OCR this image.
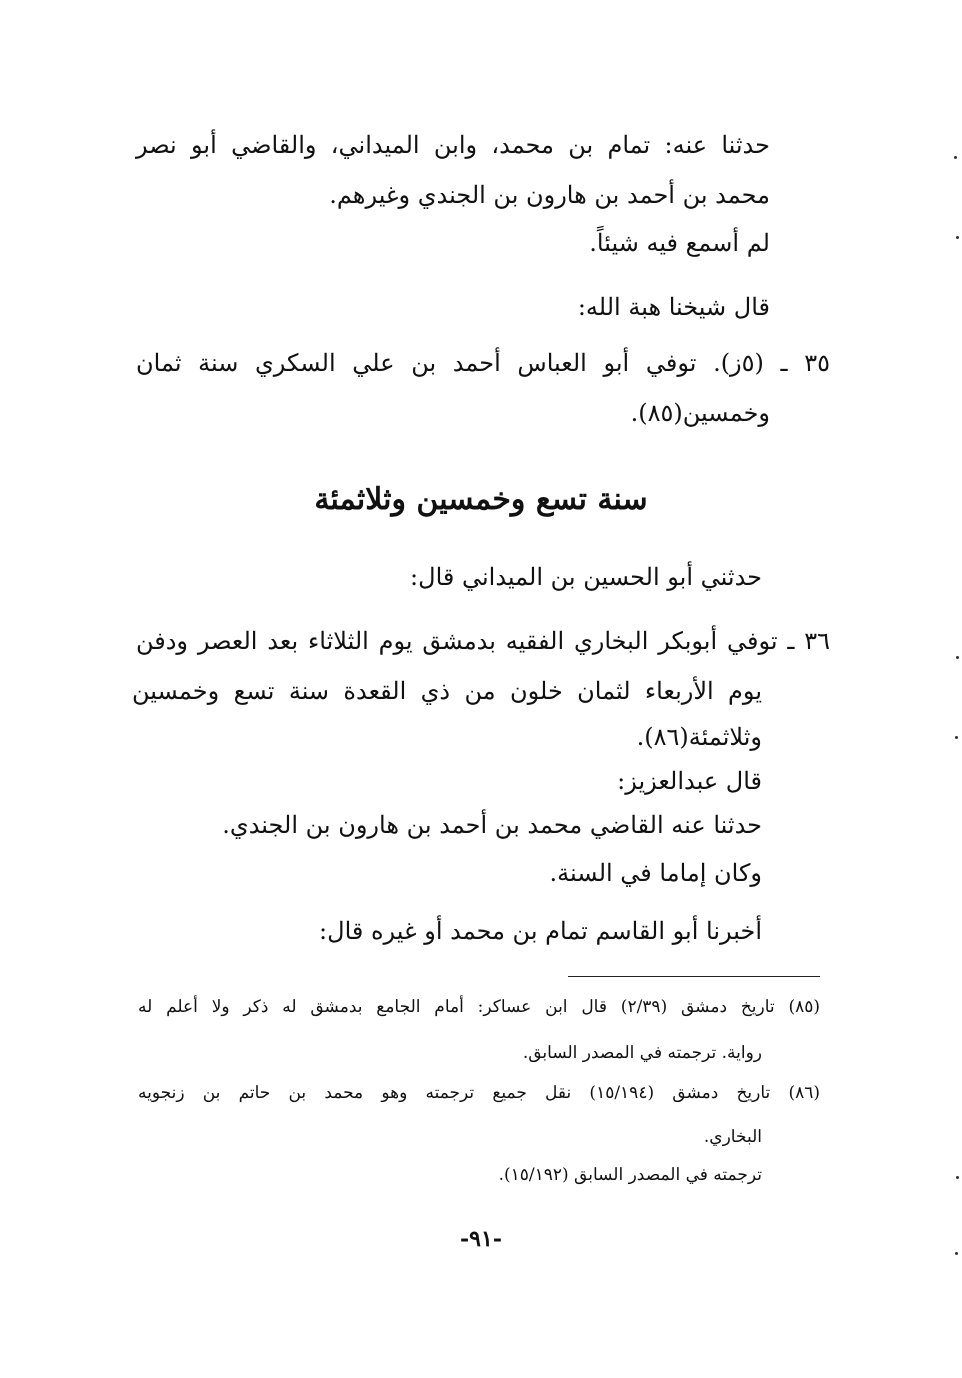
حدثنا عنه: تمام بن محمد، وابن الميداني، والقاضي أبو نصر
محمد بن أحمد بن هارون بن الجندي وغيرهم.
لم أسمع فيه شيئاً.
قال شيخنا هبة الله:
٣٥ ـ (٥ز). توفي أبو العباس أحمد بن علي السكري سنة ثمان
وخمسين(٨٥).
سنة تسع وخمسين وثلاثمئة
حدثني أبو الحسين بن الميداني قال:
٣٦ ـ توفي أبوبكر البخاري الفقيه بدمشق يوم الثلاثاء بعد العصر ودفن
يوم الأربعاء لثمان خلون من ذي القعدة سنة تسع وخمسين
وثلاثمئة(٨٦).
قال عبدالعزيز:
حدثنا عنه القاضي محمد بن أحمد بن هارون بن الجندي.
وكان إماما في السنة.
أخبرنا أبو القاسم تمام بن محمد أو غيره قال:
(٨٥) تاريخ دمشق (٢/٣٩) قال ابن عساكر: أمام الجامع بدمشق له ذكر ولا أعلم له
رواية. ترجمته في المصدر السابق.
(٨٦) تاريخ دمشق (١٥/١٩٤) نقل جميع ترجمته وهو محمد بن حاتم بن زنجويه
البخاري.
ترجمته في المصدر السابق (١٥/١٩٢).
-٩١-
